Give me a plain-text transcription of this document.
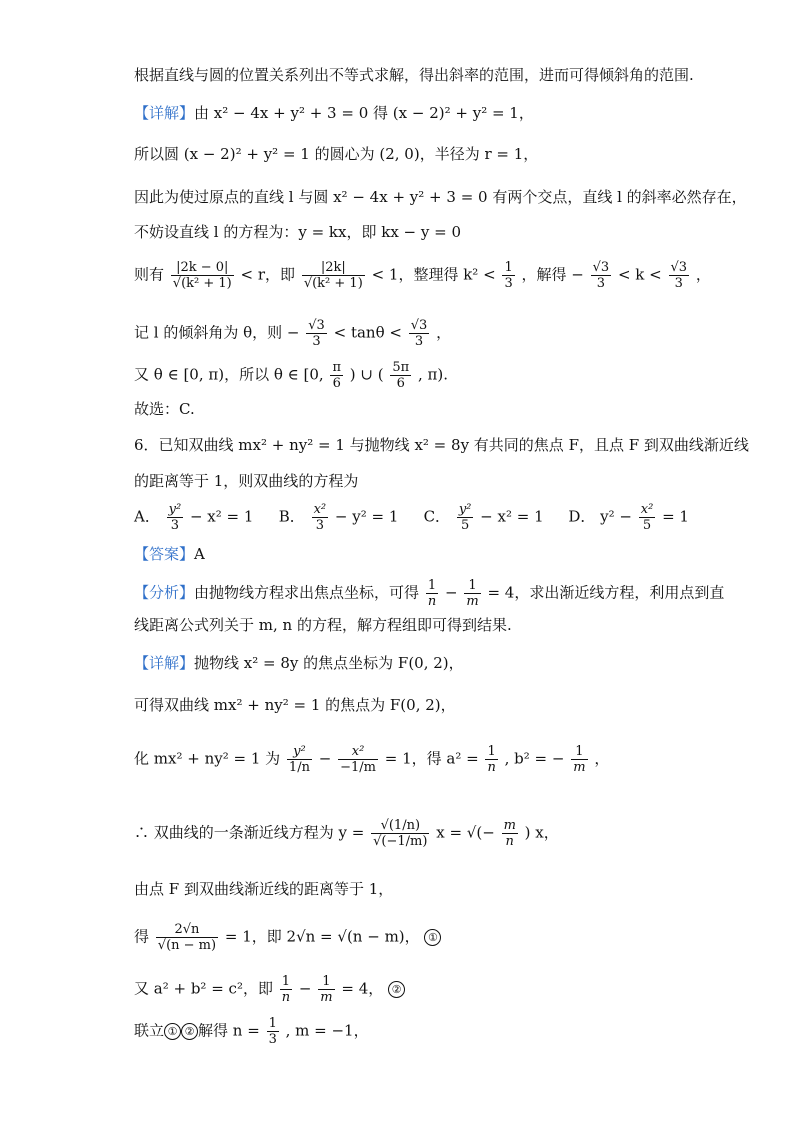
根据直线与圆的位置关系列出不等式求解，得出斜率的范围，进而可得倾斜角的范围.
【详解】由 x² − 4x + y² + 3 = 0 得 (x − 2)² + y² = 1，
所以圆 (x − 2)² + y² = 1 的圆心为 (2, 0)，半径为 r = 1，
因此为使过原点的直线 l 与圆 x² − 4x + y² + 3 = 0 有两个交点，直线 l 的斜率必然存在，
不妨设直线 l 的方程为：y = kx，即 kx − y = 0
则有 $\frac{|2k - 0|}{\text{√(k² + 1)}} < r$，即 $\frac{|2k|}{\text{√(k² + 1)}} < 1$，整理得 $k^2 < \frac{1}{3}$ ，解得 − $\frac{√3}{3} < k < \frac{√3}{3}$ ，
记 l 的倾斜角为 θ，则 − $\frac{√3}{3} < \tan\theta < \frac{√3}{3}$ ，
又 θ ∈ [0, π)，所以 θ ∈ [0, $\frac{\pi}{6}$ ) ∪ ( $\frac{5\pi}{6}$ , π).
故选：C.
6．已知双曲线 mx² + ny² = 1 与抛物线 x² = 8y 有共同的焦点 F，且点 F 到双曲线渐近线
的距离等于 1，则双曲线的方程为
A． $\frac{\text{y²}}{3} - x^2 = 1$ B． $\frac{\text{x²}}{3} - y^2 = 1$ C． $\frac{\text{y²}}{5} - x^2 = 1$ D． $y^2 - \frac{\text{x²}}{5} = 1$
【答案】A
【分析】由抛物线方程求出焦点坐标，可得 $\frac{1}{n} - \frac{1}{m} = 4$，求出渐近线方程，利用点到直
线距离公式列关于 m, n 的方程，解方程组即可得到结果.
【详解】抛物线 x² = 8y 的焦点坐标为 F(0, 2)，
可得双曲线 mx² + ny² = 1 的焦点为 F(0, 2)，
化 mx² + ny² = 1 为 $\frac{\text{y²}}{1/n} - \frac{\text{x²}}{-1/m} = 1$，得 $a^2 = \frac{1}{n}$ , b² = − $\frac{1}{m}$ ，
∴ 双曲线的一条渐近线方程为 $y = \frac{√(1/n)}{√(-1/m)}$ x = √(− $\frac{m}{n}$ ) x，
由点 F 到双曲线渐近线的距离等于 1，
得 $\frac{2√n}{√(n - m)} = 1$，即 2√n = √(n − m)， ①
又 a² + b² = c²，即 $\frac{1}{n} - \frac{1}{m} = 4$， ②
联立 ① ② 解得 $n = \frac{1}{3}$ , m = −1，
